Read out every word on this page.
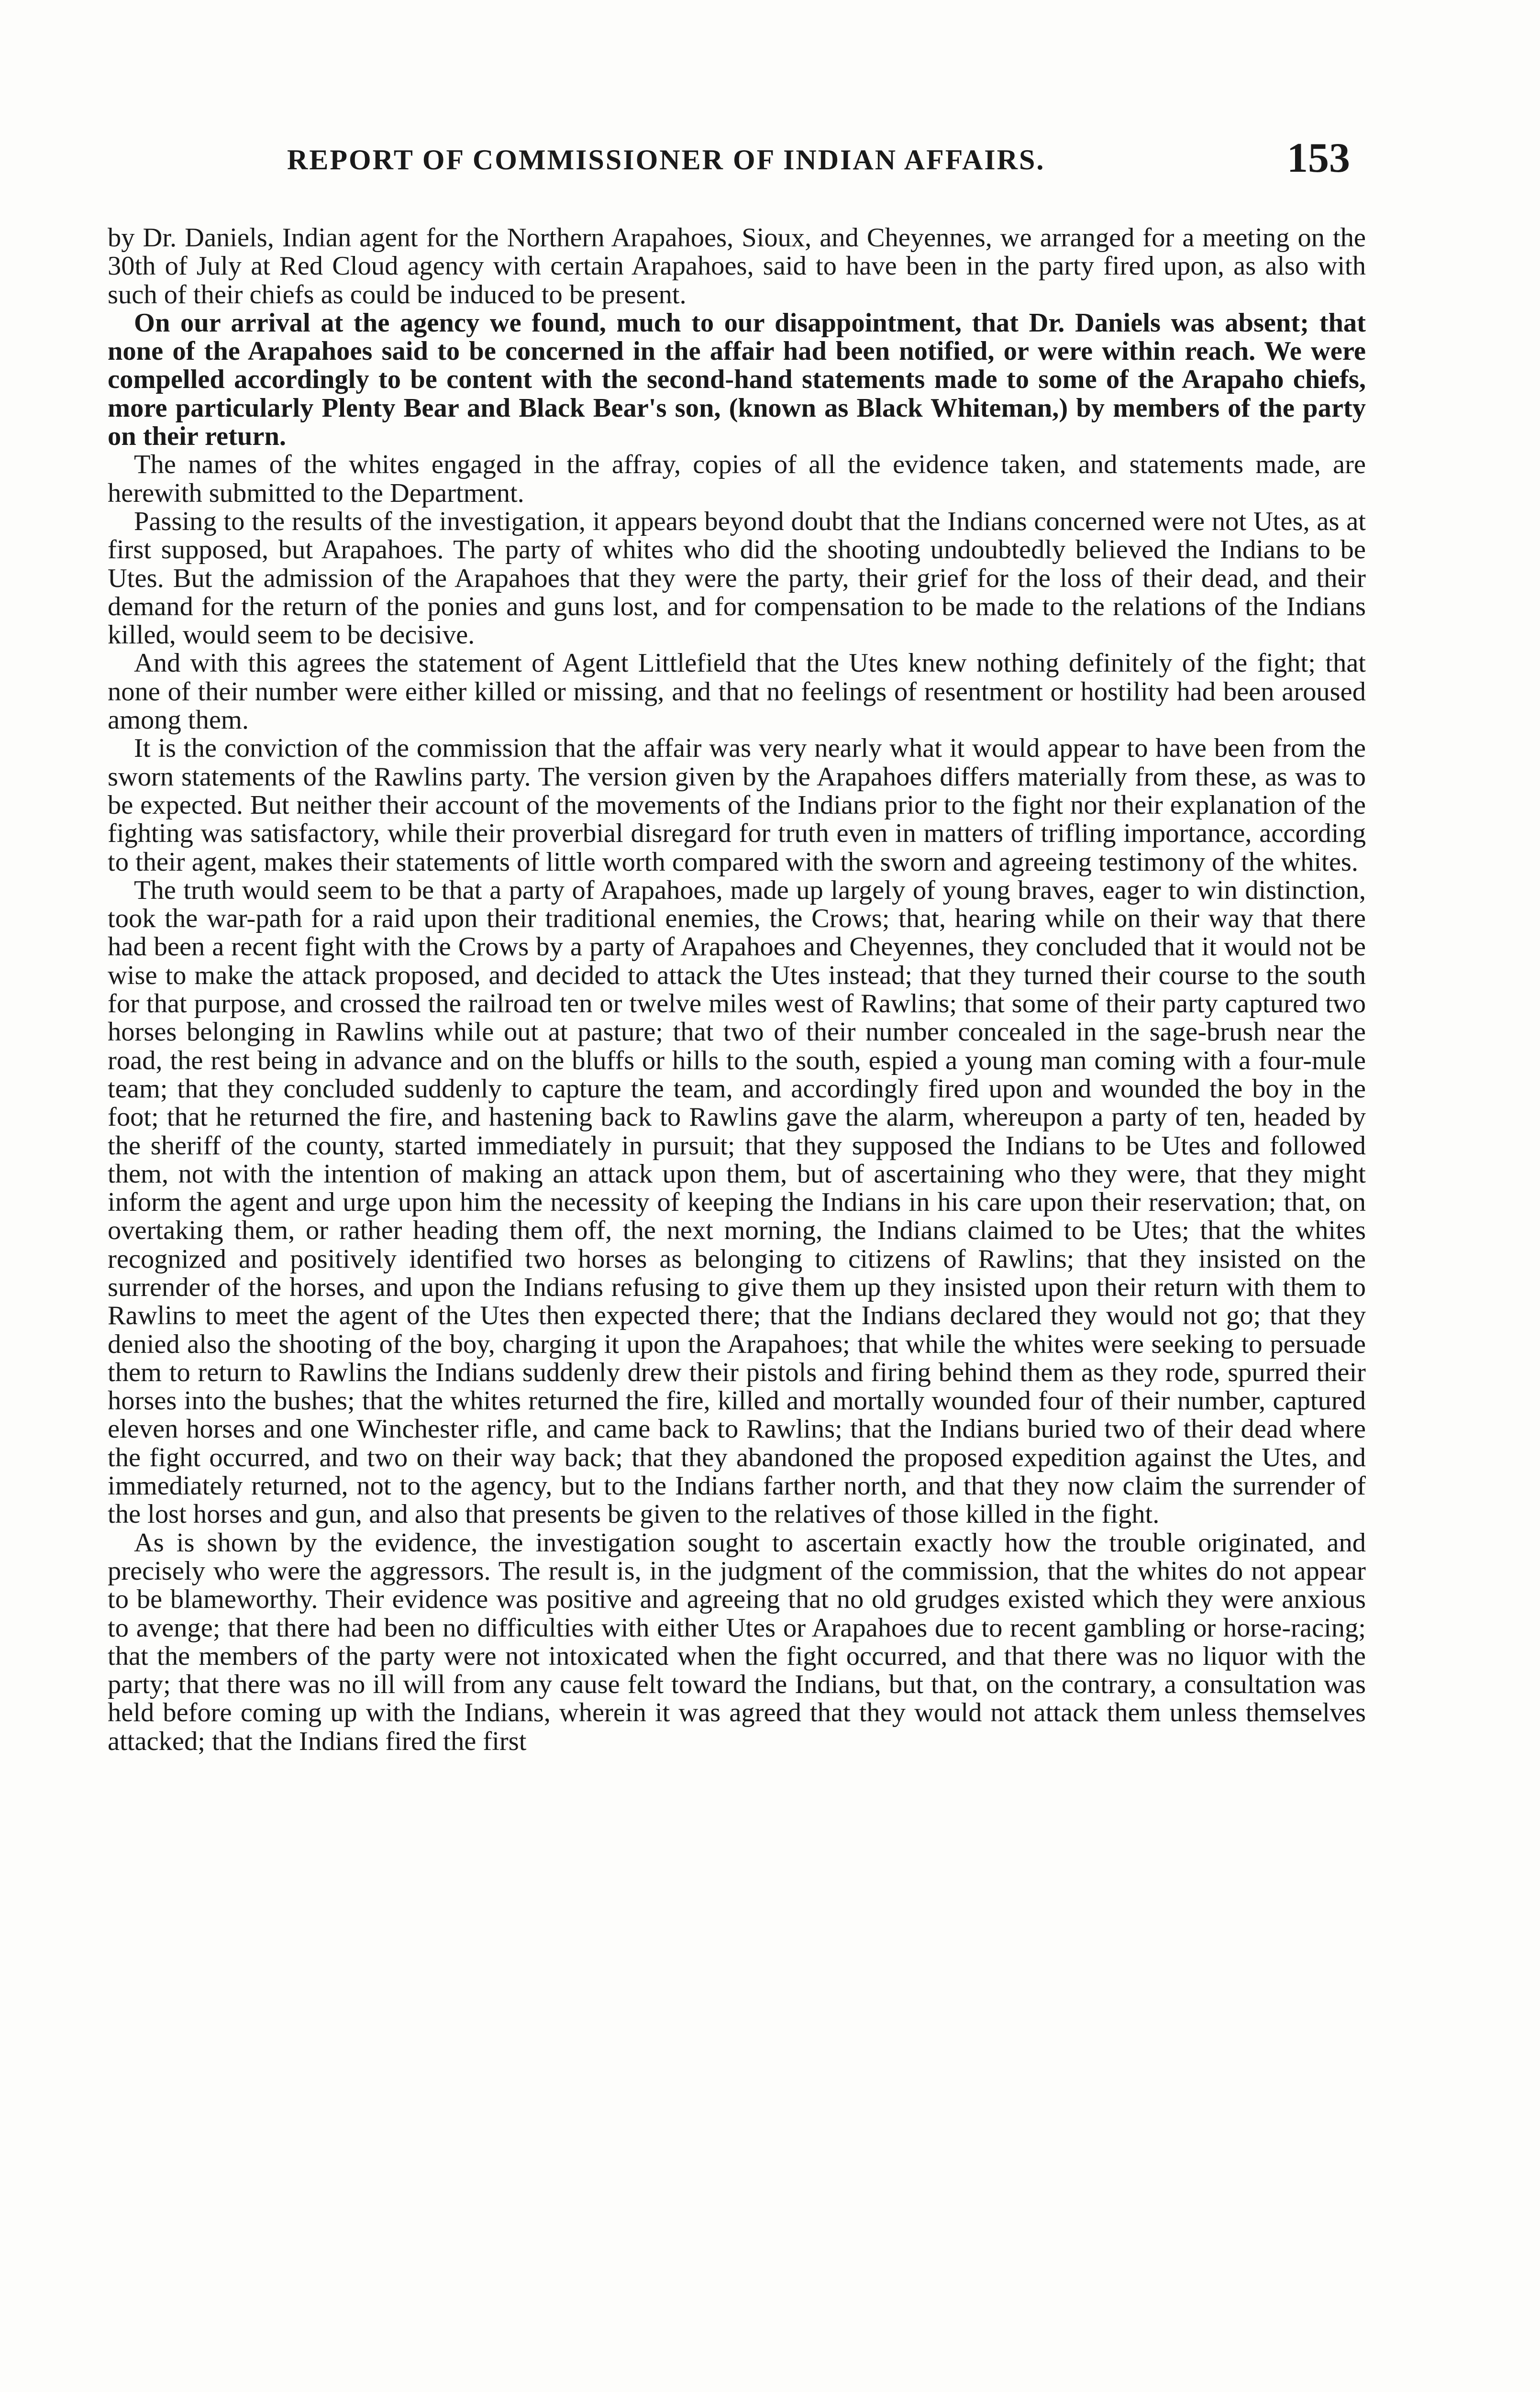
REPORT OF COMMISSIONER OF INDIAN AFFAIRS.	153

by Dr. Daniels, Indian agent for the Northern Arapahoes, Sioux, and Cheyennes, we arranged for a meeting on the 30th of July at Red Cloud agency with certain Arapahoes, said to have been in the party fired upon, as also with such of their chiefs as could be induced to be present.

On our arrival at the agency we found, much to our disappointment, that Dr. Daniels was absent; that none of the Arapahoes said to be concerned in the affair had been notified, or were within reach. We were compelled accordingly to be content with the second-hand statements made to some of the Arapaho chiefs, more particularly Plenty Bear and Black Bear's son, (known as Black Whiteman,) by members of the party on their return.

The names of the whites engaged in the affray, copies of all the evidence taken, and statements made, are herewith submitted to the Department.

Passing to the results of the investigation, it appears beyond doubt that the Indians concerned were not Utes, as at first supposed, but Arapahoes. The party of whites who did the shooting undoubtedly believed the Indians to be Utes. But the admission of the Arapahoes that they were the party, their grief for the loss of their dead, and their demand for the return of the ponies and guns lost, and for compensation to be made to the relations of the Indians killed, would seem to be decisive.

And with this agrees the statement of Agent Littlefield that the Utes knew nothing definitely of the fight; that none of their number were either killed or missing, and that no feelings of resentment or hostility had been aroused among them.

It is the conviction of the commission that the affair was very nearly what it would appear to have been from the sworn statements of the Rawlins party. The version given by the Arapahoes differs materially from these, as was to be expected. But neither their account of the movements of the Indians prior to the fight nor their explanation of the fighting was satisfactory, while their proverbial disregard for truth even in matters of trifling importance, according to their agent, makes their statements of little worth compared with the sworn and agreeing testimony of the whites.

The truth would seem to be that a party of Arapahoes, made up largely of young braves, eager to win distinction, took the war-path for a raid upon their traditional enemies, the Crows; that, hearing while on their way that there had been a recent fight with the Crows by a party of Arapahoes and Cheyennes, they concluded that it would not be wise to make the attack proposed, and decided to attack the Utes instead; that they turned their course to the south for that purpose, and crossed the railroad ten or twelve miles west of Rawlins; that some of their party captured two horses belonging in Rawlins while out at pasture; that two of their number concealed in the sage-brush near the road, the rest being in advance and on the bluffs or hills to the south, espied a young man coming with a four-mule team; that they concluded suddenly to capture the team, and accordingly fired upon and wounded the boy in the foot; that he returned the fire, and hastening back to Rawlins gave the alarm, whereupon a party of ten, headed by the sheriff of the county, started immediately in pursuit; that they supposed the Indians to be Utes and followed them, not with the intention of making an attack upon them, but of ascertaining who they were, that they might inform the agent and urge upon him the necessity of keeping the Indians in his care upon their reservation; that, on overtaking them, or rather heading them off, the next morning, the Indians claimed to be Utes; that the whites recognized and positively identified two horses as belonging to citizens of Rawlins; that they insisted on the surrender of the horses, and upon the Indians refusing to give them up they insisted upon their return with them to Rawlins to meet the agent of the Utes then expected there; that the Indians declared they would not go; that they denied also the shooting of the boy, charging it upon the Arapahoes; that while the whites were seeking to persuade them to return to Rawlins the Indians suddenly drew their pistols and firing behind them as they rode, spurred their horses into the bushes; that the whites returned the fire, killed and mortally wounded four of their number, captured eleven horses and one Winchester rifle, and came back to Rawlins; that the Indians buried two of their dead where the fight occurred, and two on their way back; that they abandoned the proposed expedition against the Utes, and immediately returned, not to the agency, but to the Indians farther north, and that they now claim the surrender of the lost horses and gun, and also that presents be given to the relatives of those killed in the fight.

As is shown by the evidence, the investigation sought to ascertain exactly how the trouble originated, and precisely who were the aggressors. The result is, in the judgment of the commission, that the whites do not appear to be blameworthy. Their evidence was positive and agreeing that no old grudges existed which they were anxious to avenge; that there had been no difficulties with either Utes or Arapahoes due to recent gambling or horse-racing; that the members of the party were not intoxicated when the fight occurred, and that there was no liquor with the party; that there was no ill will from any cause felt toward the Indians, but that, on the contrary, a consultation was held before coming up with the Indians, wherein it was agreed that they would not attack them unless themselves attacked; that the Indians fired the first
